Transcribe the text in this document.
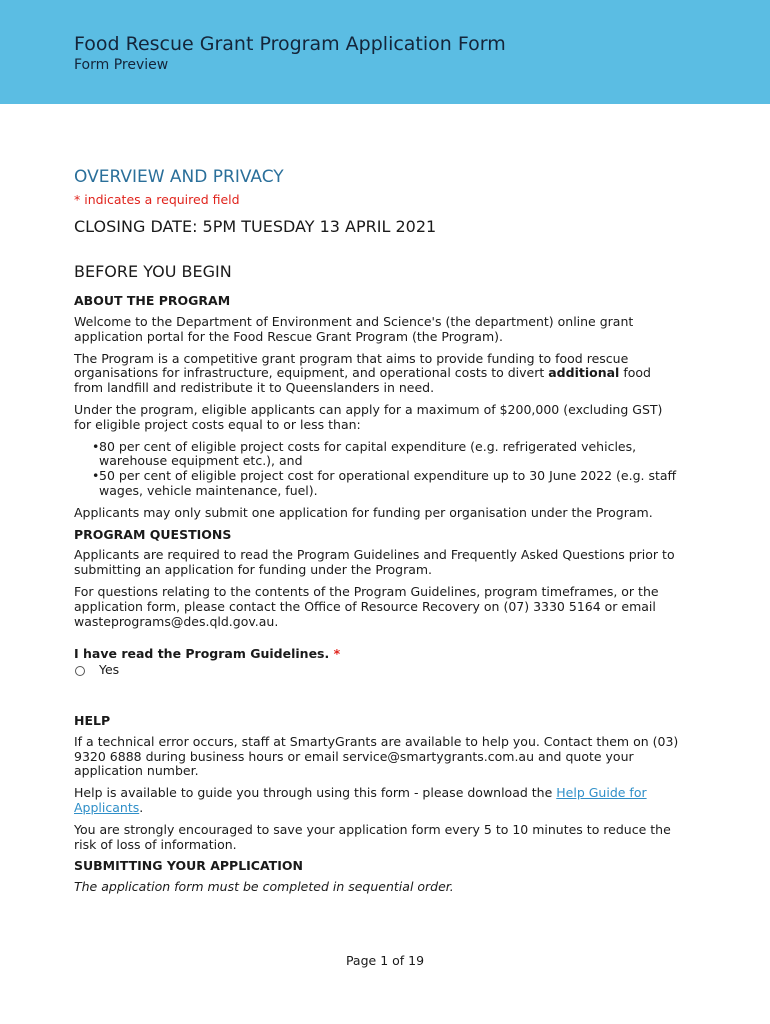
Food Rescue Grant Program Application Form
Form Preview
OVERVIEW AND PRIVACY
* indicates a required field
CLOSING DATE: 5PM TUESDAY 13 APRIL 2021
BEFORE YOU BEGIN
ABOUT THE PROGRAM

Welcome to the Department of Environment and Science's (the department) online grant application portal for the Food Rescue Grant Program (the Program).

The Program is a competitive grant program that aims to provide funding to food rescue organisations for infrastructure, equipment, and operational costs to divert additional food from landfill and redistribute it to Queenslanders in need.

Under the program, eligible applicants can apply for a maximum of $200,000 (excluding GST) for eligible project costs equal to or less than:

• 80 per cent of eligible project costs for capital expenditure (e.g. refrigerated vehicles, warehouse equipment etc.), and
• 50 per cent of eligible project cost for operational expenditure up to 30 June 2022 (e.g. staff wages, vehicle maintenance, fuel).

Applicants may only submit one application for funding per organisation under the Program.

PROGRAM QUESTIONS

Applicants are required to read the Program Guidelines and Frequently Asked Questions prior to submitting an application for funding under the Program.

For questions relating to the contents of the Program Guidelines, program timeframes, or the application form, please contact the Office of Resource Recovery on (07) 3330 5164 or email wasteprograms@des.qld.gov.au.

I have read the Program Guidelines. *
Yes
HELP

If a technical error occurs, staff at SmartyGrants are available to help you. Contact them on (03) 9320 6888 during business hours or email service@smartygrants.com.au and quote your application number.

Help is available to guide you through using this form - please download the Help Guide for Applicants.

You are strongly encouraged to save your application form every 5 to 10 minutes to reduce the risk of loss of information.

SUBMITTING YOUR APPLICATION

The application form must be completed in sequential order.

Page 1 of 19
